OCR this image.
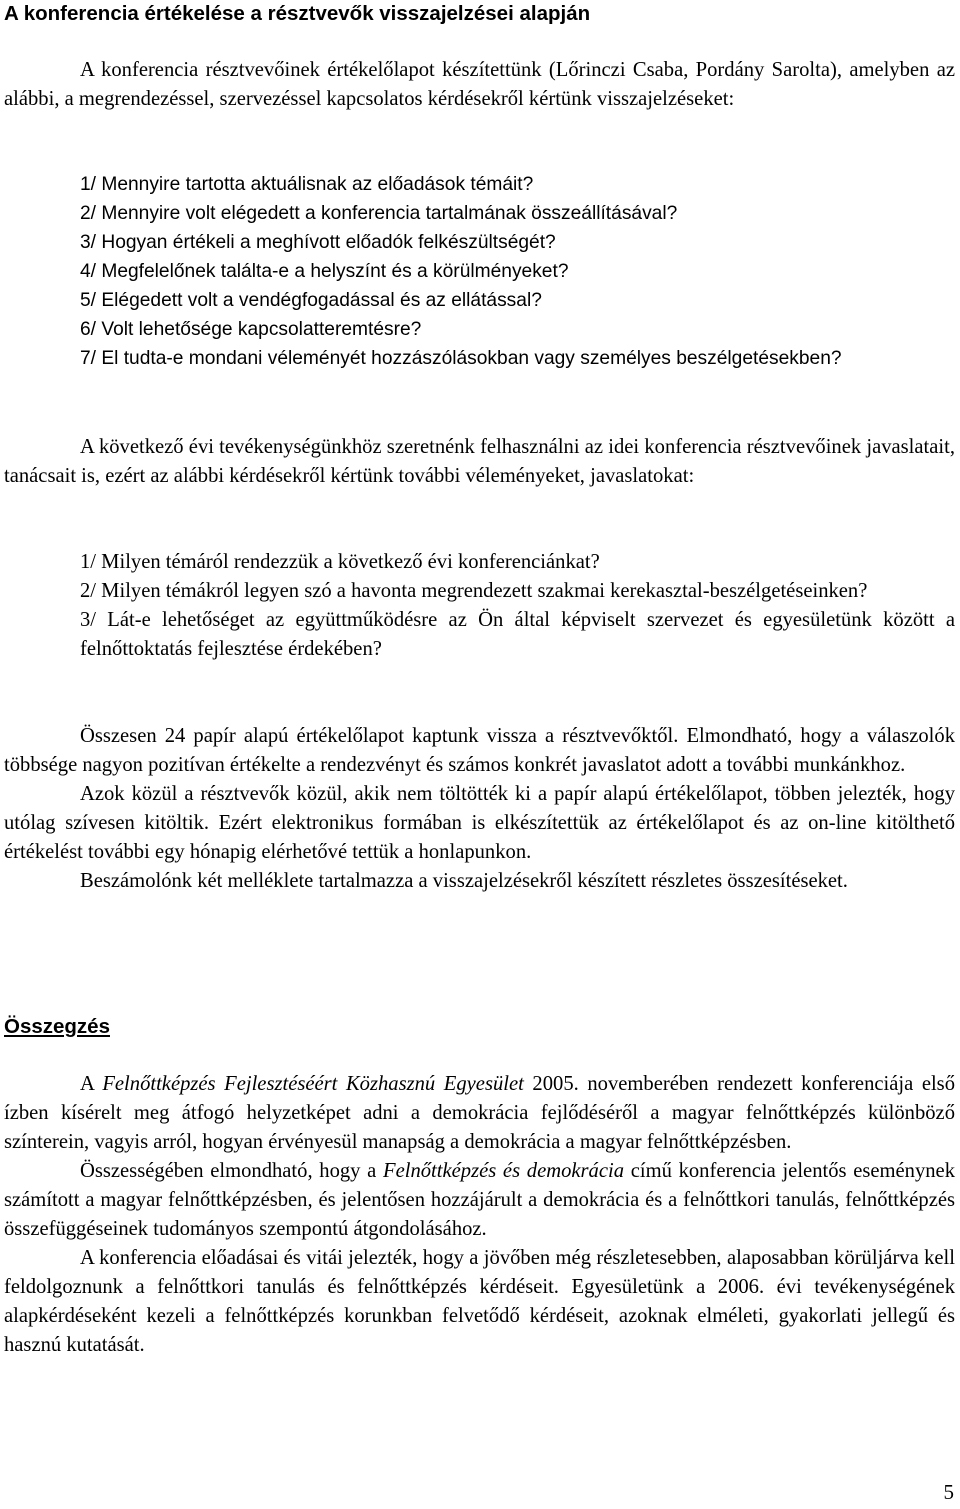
A konferencia értékelése a résztvevők visszajelzései alapján

A konferencia résztvevőinek értékelőlapot készítettünk (Lőrinczi Csaba, Pordány Sarolta), amelyben az alábbi, a megrendezéssel, szervezéssel kapcsolatos kérdésekről kértünk visszajelzéseket:

1/ Mennyire tartotta aktuálisnak az előadások témáit?

2/ Mennyire volt elégedett a konferencia tartalmának összeállításával?

3/ Hogyan értékeli a meghívott előadók felkészültségét?

4/ Megfelelőnek találta-e a helyszínt és a körülményeket?

5/ Elégedett volt a vendégfogadással és az ellátással?

6/ Volt lehetősége kapcsolatteremtésre?

7/ El tudta-e mondani véleményét hozzászólásokban vagy személyes beszélgetésekben?

A következő évi tevékenységünkhöz szeretnénk felhasználni az idei konferencia résztvevőinek javaslatait, tanácsait is, ezért az alábbi kérdésekről kértünk további véleményeket, javaslatokat:

1/ Milyen témáról rendezzük a következő évi konferenciánkat?

2/ Milyen témákról legyen szó a havonta megrendezett szakmai kerekasztal-beszélgetéseinken?

3/ Lát-e lehetőséget az együttműködésre az Ön által képviselt szervezet és egyesületünk között a felnőttoktatás fejlesztése érdekében?

Összesen 24 papír alapú értékelőlapot kaptunk vissza a résztvevőktől. Elmondható, hogy a válaszolók többsége nagyon pozitívan értékelte a rendezvényt és számos konkrét javaslatot adott a további munkánkhoz.

Azok közül a résztvevők közül, akik nem töltötték ki a papír alapú értékelőlapot, többen jelezték, hogy utólag szívesen kitöltik. Ezért elektronikus formában is elkészítettük az értékelőlapot és az on-line kitölthető értékelést további egy hónapig elérhetővé tettük a honlapunkon.

Beszámolónk két melléklete tartalmazza a visszajelzésekről készített részletes összesítéseket.

Összegzés

A Felnőttképzés Fejlesztéséért Közhasznú Egyesület 2005. novemberében rendezett konferenciája első ízben kísérelt meg átfogó helyzetképet adni a demokrácia fejlődéséről a magyar felnőttképzés különböző színterein, vagyis arról, hogyan érvényesül manapság a demokrácia a magyar felnőttképzésben.

Összességében elmondható, hogy a Felnőttképzés és demokrácia című konferencia jelentős eseménynek számított a magyar felnőttképzésben, és jelentősen hozzájárult a demokrácia és a felnőttkori tanulás, felnőttképzés összefüggéseinek tudományos szempontú átgondolásához.

A konferencia előadásai és vitái jelezték, hogy a jövőben még részletesebben, alaposabban körüljárva kell feldolgoznunk a felnőttkori tanulás és felnőttképzés kérdéseit. Egyesületünk a 2006. évi tevékenységének alapkérdéseként kezeli a felnőttképzés korunkban felvetődő kérdéseit, azoknak elméleti, gyakorlati jellegű és hasznú kutatását.

5
